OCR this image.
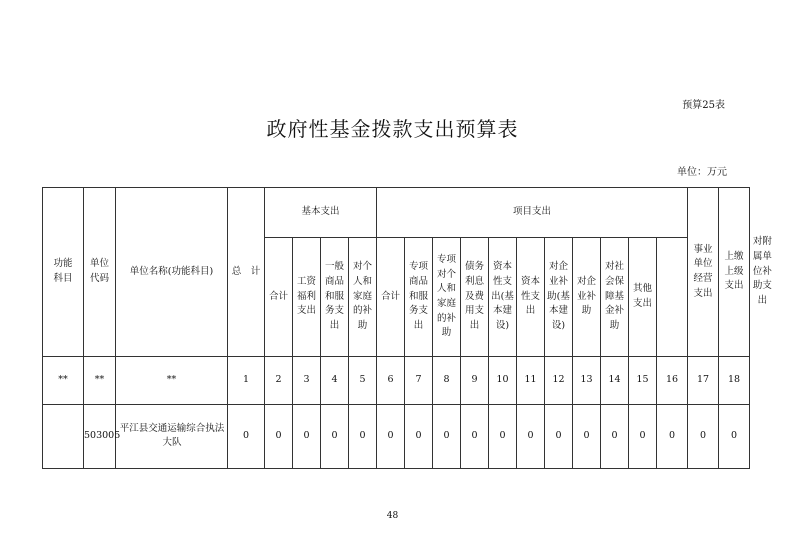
预算25表
政府性基金拨款支出预算表
单位：万元
功能科目	单位代码	单位名称(功能科目)	总　计	基本支出				项目支出											事业单位经营支出	上缴上级支出	对附属单位补助支出
				合计	工资福利支出	一般商品和服务支出	对个人和家庭的补助	合计	专项商品和服务支出	专项对个人和家庭的补助	债务利息及费用支出	资本性支出(基本建设)	资本性支出	对企业补助(基本建设)	对企业补助	对社会保障基金补助	其他支出				
**	**	**	1	2	3	4	5	6	7	8	9	10	11	12	13	14	15	16	17	18	
	503005	平江县交通运输综合执法大队	0	0	0	0	0	0	0	0	0	0	0	0	0	0	0	0	0	0	
48
